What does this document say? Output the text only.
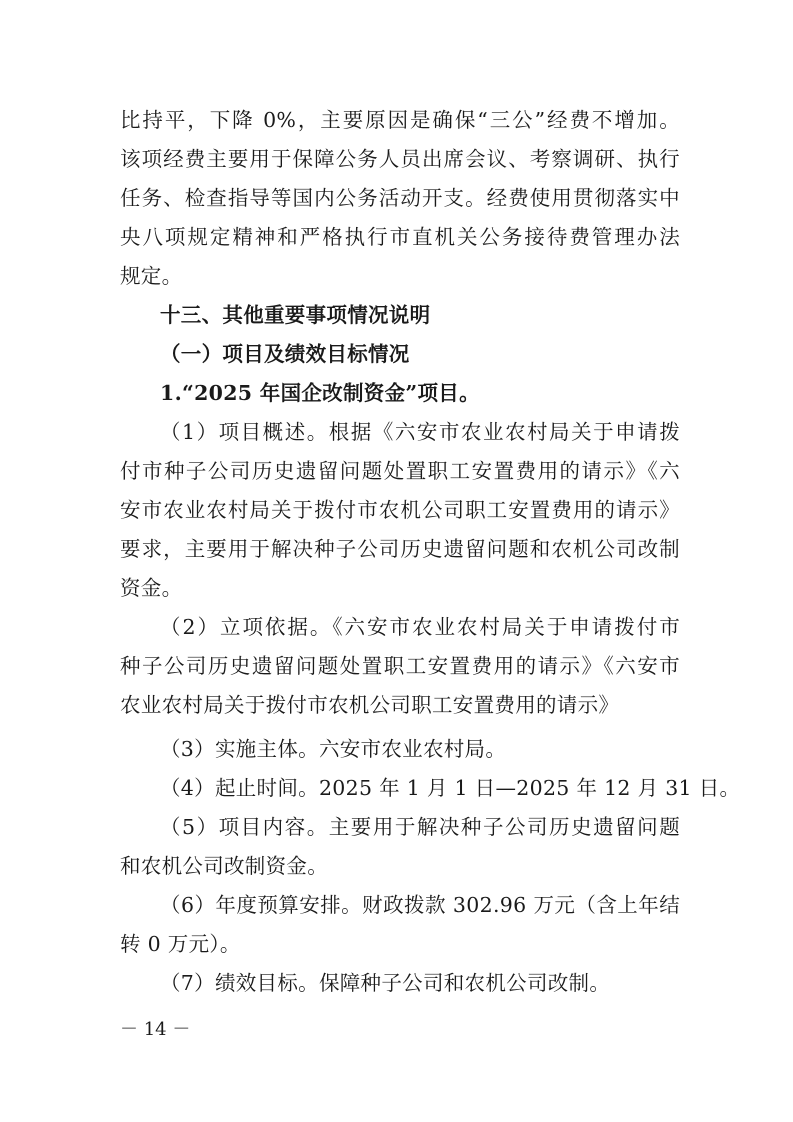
比持平，下降 0%，主要原因是确保“三公”经费不增加。
该项经费主要用于保障公务人员出席会议、考察调研、执行
任务、检查指导等国内公务活动开支。经费使用贯彻落实中
央八项规定精神和严格执行市直机关公务接待费管理办法
规定。
十三、其他重要事项情况说明
（一）项目及绩效目标情况
1.“2025 年国企改制资金”项目。
（1）项目概述。根据《六安市农业农村局关于申请拨
付市种子公司历史遗留问题处置职工安置费用的请示》《六
安市农业农村局关于拨付市农机公司职工安置费用的请示》
要求，主要用于解决种子公司历史遗留问题和农机公司改制
资金。
（2）立项依据。《六安市农业农村局关于申请拨付市
种子公司历史遗留问题处置职工安置费用的请示》《六安市
农业农村局关于拨付市农机公司职工安置费用的请示》
（3）实施主体。六安市农业农村局。
（4）起止时间。2025 年 1 月 1 日—2025 年 12 月 31 日。
（5）项目内容。主要用于解决种子公司历史遗留问题
和农机公司改制资金。
（6）年度预算安排。财政拨款 302.96 万元（含上年结
转 0 万元）。
（7）绩效目标。保障种子公司和农机公司改制。
－ 14 －
